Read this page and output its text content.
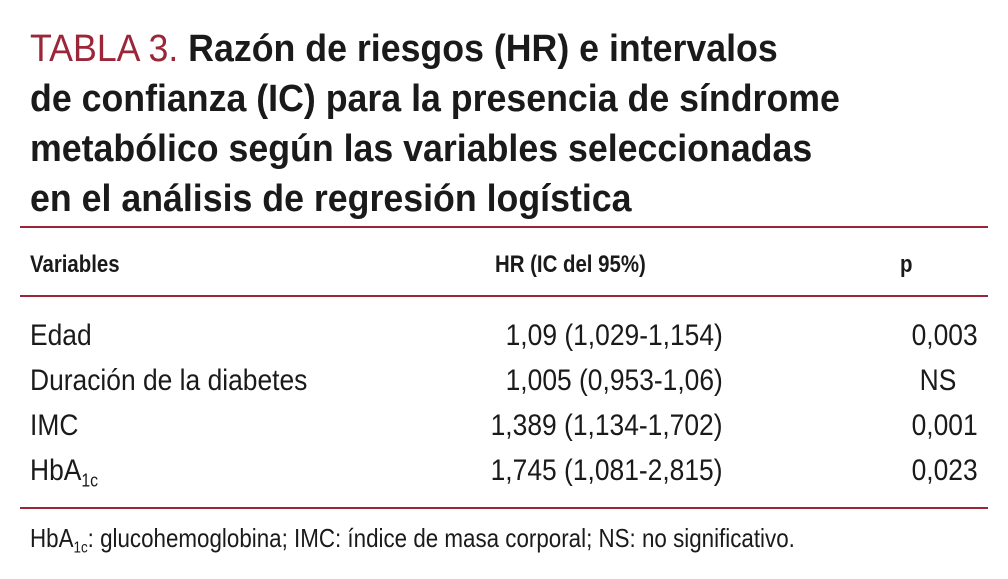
TABLA 3. Razón de riesgos (HR) e intervalos
de confianza (IC) para la presencia de síndrome
metabólico según las variables seleccionadas
en el análisis de regresión logística
Variables	HR (IC del 95%)	p
Edad	1,09 (1,029-1,154)	0,003
Duración de la diabetes	1,005 (0,953-1,06)	NS
IMC	1,389 (1,134-1,702)	0,001
HbA$_{1c}$	1,745 (1,081-2,815)	0,023
HbA$_{1c}$: glucohemoglobina; IMC: índice de masa corporal; NS: no significativo.
